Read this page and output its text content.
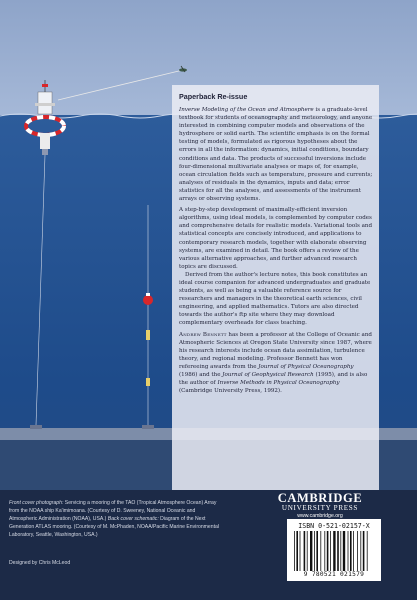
Paperback Re-issue

Inverse Modeling of the Ocean and Atmosphere is a graduate-level textbook for students of oceanography and meteorology, and anyone interested in combining computer models and observations of the hydrosphere or solid earth. The scientific emphasis is on the formal testing of models, formulated as rigorous hypotheses about the errors in all the information: dynamics, initial conditions, boundary conditions and data. The products of successful inversions include four-dimensional multivariate analyses or maps of, for example, ocean circulation fields such as temperature, pressure and currents; analyses of residuals in the dynamics, inputs and data; error statistics for all the analyses, and assessments of the instrument arrays or observing systems.

A step-by-step development of maximally-efficient inversion algorithms, using ideal models, is complemented by computer codes and comprehensive details for realistic models. Variational tools and statistical concepts are concisely introduced, and applications to contemporary research models, together with elaborate observing systems, are examined in detail. The book offers a review of the various alternative approaches, and further advanced research topics are discussed.

Derived from the author's lecture notes, this book constitutes an ideal course companion for advanced undergraduates and graduate students, as well as being a valuable reference source for researchers and managers in the theoretical earth sciences, civil engineering, and applied mathematics. Tutors are also directed towards the author's ftp site where they may download complementary overheads for class teaching.

Andrew Bennett has been a professor at the College of Oceanic and Atmospheric Sciences at Oregon State University since 1987, where his research interests include ocean data assimilation, turbulence theory, and regional modeling. Professor Bennett has won refereeing awards from the Journal of Physical Oceanography (1986) and the Journal of Geophysical Research (1995), and is also the author of Inverse Methods in Physical Oceanography (Cambridge University Press, 1992).

Front cover photograph: Servicing a mooring of the TAO (Tropical Atmosphere Ocean) Array from the NOAA ship Ka'imimoana. (Courtesy of D. Sweeney, National Oceanic and Atmospheric Administration (NOAA), USA.) Back cover schematic: Diagram of the Next Generation ATLAS mooring. (Courtesy of M. McPhaden, NOAA/Pacific Marine Environmental Laboratory, Seattle, Washington, USA.)
Designed by Chris McLeod
CAMBRIDGE
UNIVERSITY PRESS
www.cambridge.org
ISBN 0-521-02157-X
9 780521 021579
